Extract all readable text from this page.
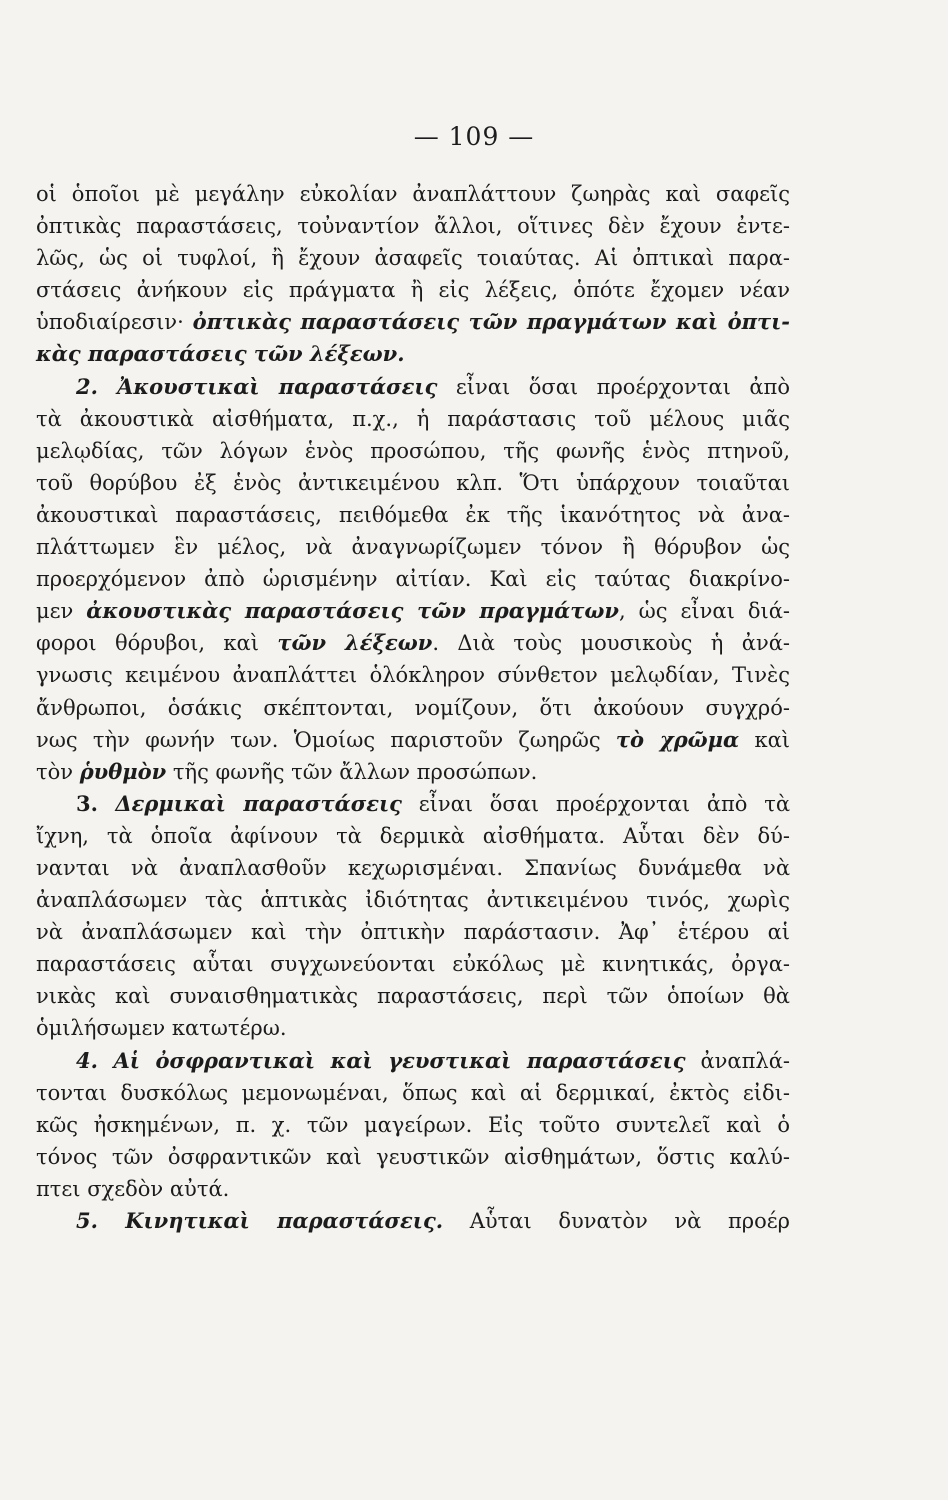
— 109 —
οἱ ὁποῖοι μὲ μεγάλην εὐκολίαν ἀναπλάττουν ζωηρὰς καὶ σαφεῖς
ὀπτικὰς παραστάσεις, τοὐναντίον ἄλλοι, οἵτινες δὲν ἔχουν ἐντε-
λῶς, ὡς οἱ τυφλοί, ἢ ἔχουν ἀσαφεῖς τοιαύτας. Αἱ ὀπτικαὶ παρα-
στάσεις ἀνήκουν εἰς πράγματα ἢ εἰς λέξεις, ὁπότε ἔχομεν νέαν
ὑποδιαίρεσιν· ὀπτικὰς παραστάσεις τῶν πραγμάτων καὶ ὀπτι-
κὰς παραστάσεις τῶν λέξεων.
2. Ἀκουστικαὶ παραστάσεις εἶναι ὅσαι προέρχονται ἀπὸ
τὰ ἀκουστικὰ αἰσθήματα, π.χ., ἡ παράστασις τοῦ μέλους μιᾶς
μελῳδίας, τῶν λόγων ἑνὸς προσώπου, τῆς φωνῆς ἑνὸς πτηνοῦ,
τοῦ θορύβου ἐξ ἑνὸς ἀντικειμένου κλπ. Ὅτι ὑπάρχουν τοιαῦται
ἀκουστικαὶ παραστάσεις, πειθόμεθα ἐκ τῆς ἱκανότητος νὰ ἀνα-
πλάττωμεν ἓν μέλος, νὰ ἀναγνωρίζωμεν τόνον ἢ θόρυβον ὡς
προερχόμενον ἀπὸ ὡρισμένην αἰτίαν. Καὶ εἰς ταύτας διακρίνο-
μεν ἀκουστικὰς παραστάσεις τῶν πραγμάτων, ὡς εἶναι διά-
φοροι θόρυβοι, καὶ τῶν λέξεων. Διὰ τοὺς μουσικοὺς ἡ ἀνά-
γνωσις κειμένου ἀναπλάττει ὁλόκληρον σύνθετον μελῳδίαν, Τινὲς
ἄνθρωποι, ὁσάκις σκέπτονται, νομίζουν, ὅτι ἀκούουν συγχρό-
νως τὴν φωνήν των. Ὁμοίως παριστοῦν ζωηρῶς τὸ χρῶμα καὶ
τὸν ῥυθμὸν τῆς φωνῆς τῶν ἄλλων προσώπων.
3. Δερμικαὶ παραστάσεις εἶναι ὅσαι προέρχονται ἀπὸ τὰ
ἴχνη, τὰ ὁποῖα ἀφίνουν τὰ δερμικὰ αἰσθήματα. Αὗται δὲν δύ-
νανται νὰ ἀναπλασθοῦν κεχωρισμέναι. Σπανίως δυνάμεθα νὰ
ἀναπλάσωμεν τὰς ἁπτικὰς ἰδιότητας ἀντικειμένου τινός, χωρὶς
νὰ ἀναπλάσωμεν καὶ τὴν ὀπτικὴν παράστασιν. Ἀφ᾽ ἑτέρου αἱ
παραστάσεις αὗται συγχωνεύονται εὐκόλως μὲ κινητικάς, ὀργα-
νικὰς καὶ συναισθηματικὰς παραστάσεις, περὶ τῶν ὁποίων θὰ
ὁμιλήσωμεν κατωτέρω.
4. Αἱ ὀσφραντικαὶ καὶ γευστικαὶ παραστάσεις ἀναπλά-
τονται δυσκόλως μεμονωμέναι, ὅπως καὶ αἱ δερμικαί, ἐκτὸς εἰδι-
κῶς ἠσκημένων, π. χ. τῶν μαγείρων. Εἰς τοῦτο συντελεῖ καὶ ὁ
τόνος τῶν ὀσφραντικῶν καὶ γευστικῶν αἰσθημάτων, ὅστις καλύ-
πτει σχεδὸν αὐτά.
5. Κινητικαὶ παραστάσεις. Αὗται δυνατὸν νὰ προέρ
